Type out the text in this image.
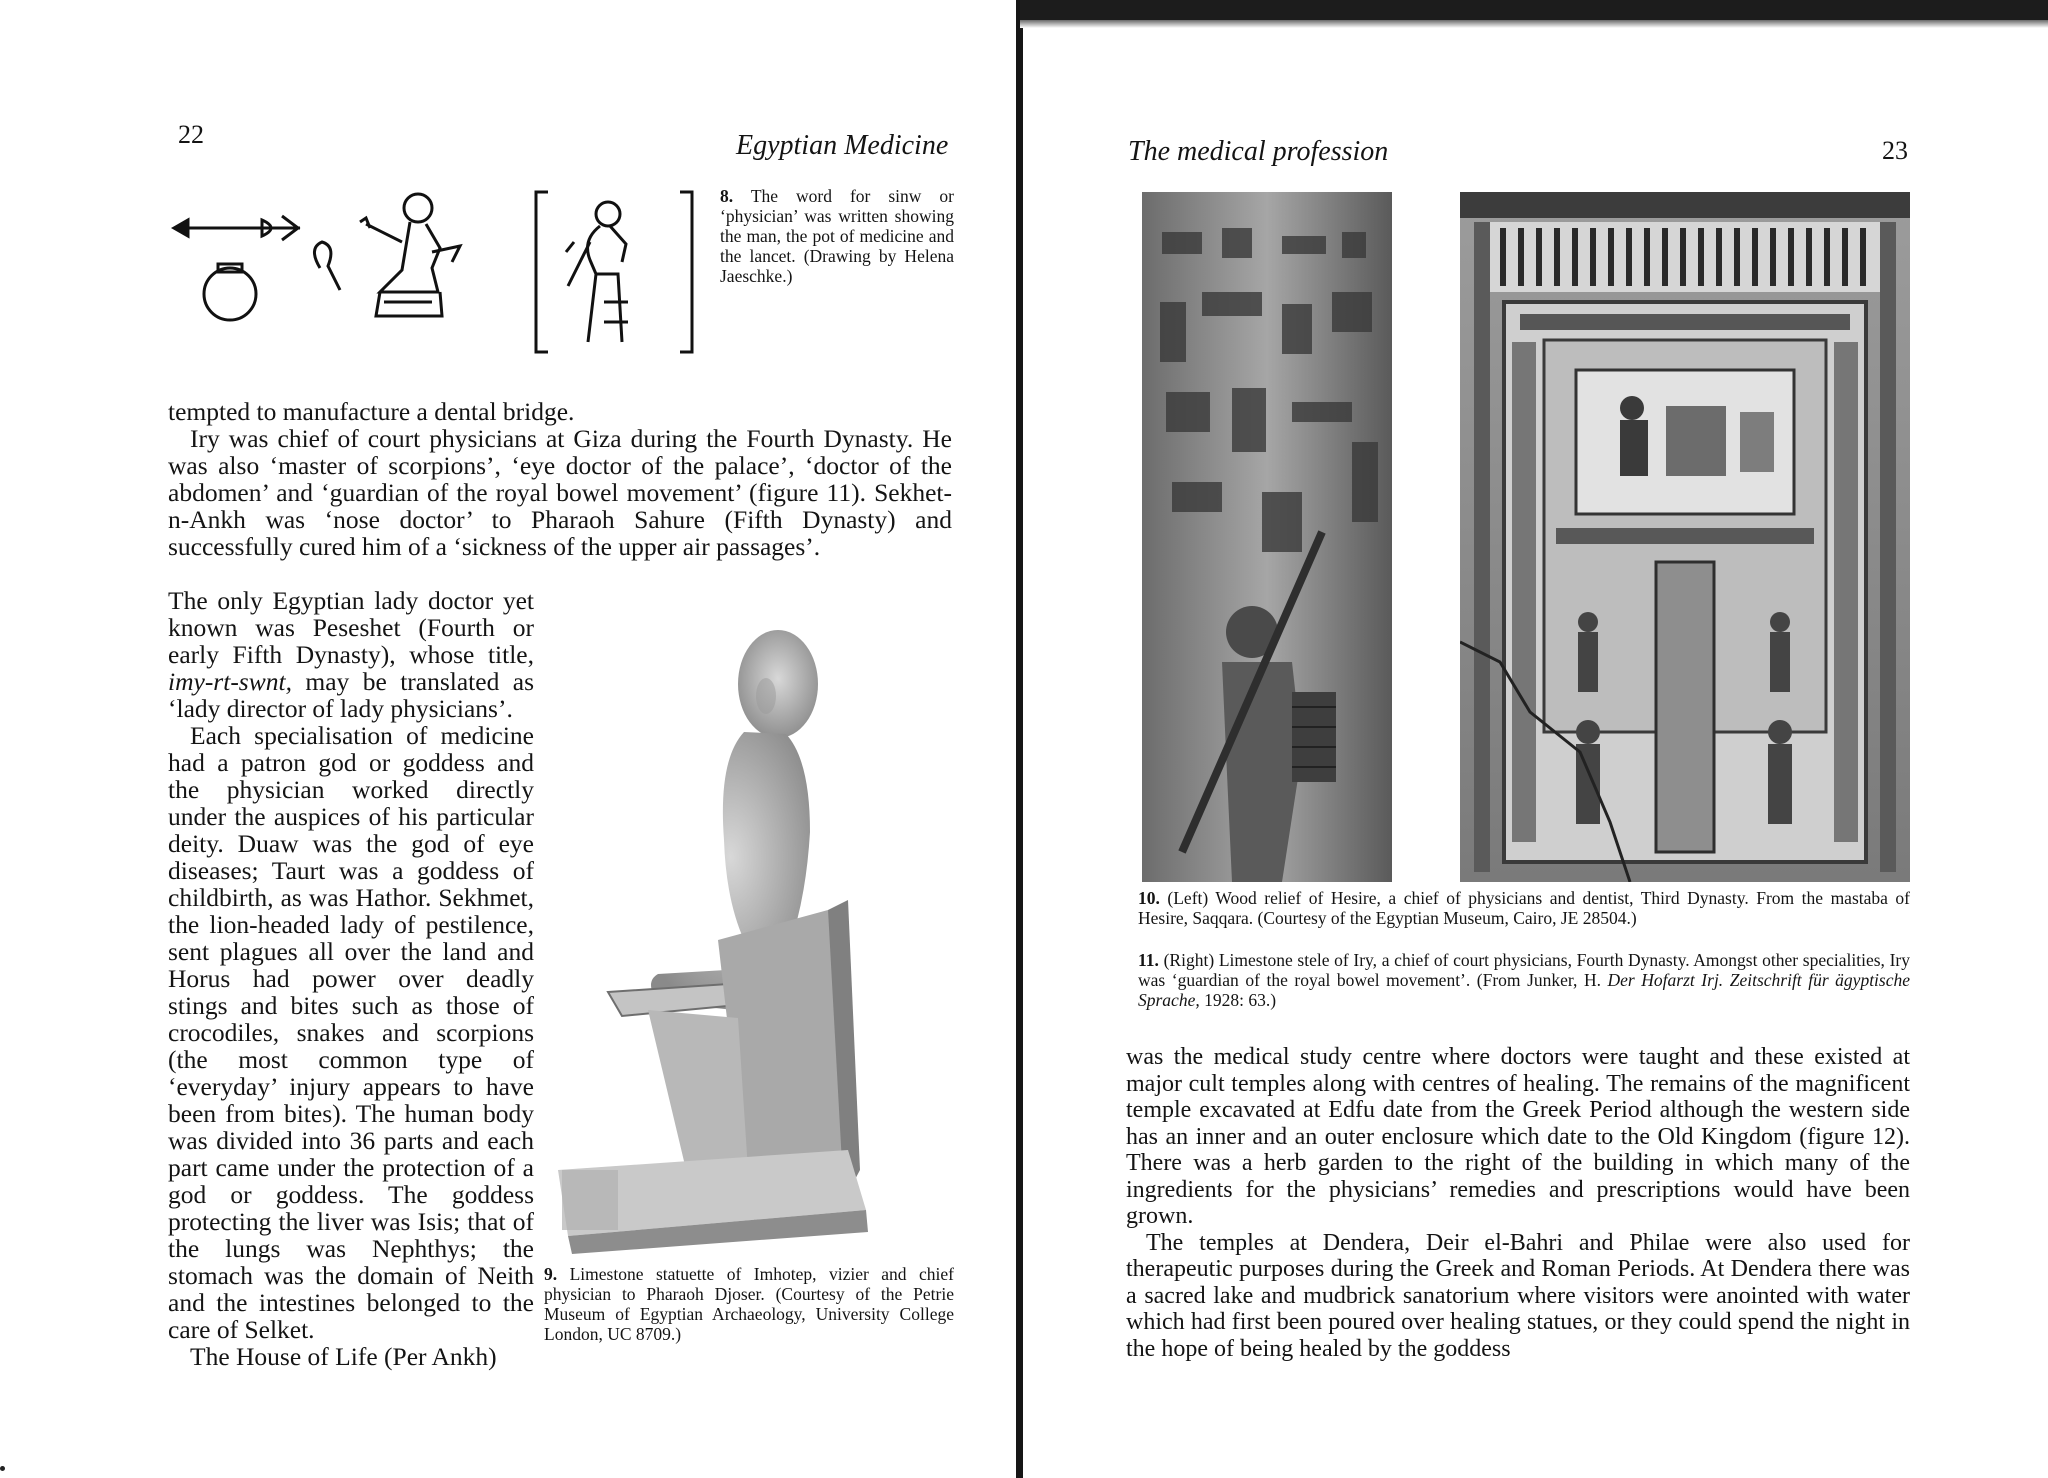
22	Egyptian Medicine
8. The word for sinw or ‘physician’ was written showing the man, the pot of medicine and the lancet. (Drawing by Helena Jaeschke.)

tempted to manufacture a dental bridge.

Iry was chief of court physicians at Giza during the Fourth Dynasty. He was also ‘master of scorpions’, ‘eye doctor of the palace’, ‘doctor of the abdomen’ and ‘guardian of the royal bowel movement’ (figure 11). Sekhet-n-Ankh was ‘nose doctor’ to Pharaoh Sahure (Fifth Dynasty) and successfully cured him of a ‘sickness of the upper air passages’.

The only Egyptian lady doctor yet known was Peseshet (Fourth or early Fifth Dynasty), whose title, imy-rt-swnt, may be translated as ‘lady director of lady physicians’.

Each specialisation of medicine had a patron god or goddess and the physician worked directly under the auspices of his particular deity. Duaw was the god of eye diseases; Taurt was a goddess of childbirth, as was Hathor. Sekhmet, the lion-headed lady of pestilence, sent plagues all over the land and Horus had power over deadly stings and bites such as those of crocodiles, snakes and scorpions (the most common type of ‘everyday’ injury appears to have been from bites). The human body was divided into 36 parts and each part came under the protection of a god or goddess. The goddess protecting the liver was Isis; that of the lungs was Nephthys; the stomach was the domain of Neith and the intestines belonged to the care of Selket.

The House of Life (Per Ankh)

9. Limestone statuette of Imhotep, vizier and chief physician to Pharaoh Djoser. (Courtesy of the Petrie Museum of Egyptian Archaeology, University College London, UC 8709.)
The medical profession	23
10. (Left) Wood relief of Hesire, a chief of physicians and dentist, Third Dynasty. From the mastaba of Hesire, Saqqara. (Courtesy of the Egyptian Museum, Cairo, JE 28504.)
11. (Right) Limestone stele of Iry, a chief of court physicians, Fourth Dynasty. Amongst other specialities, Iry was ‘guardian of the royal bowel movement’. (From Junker, H. Der Hofarzt Irj. Zeitschrift für ägyptische Sprache, 1928: 63.)

was the medical study centre where doctors were taught and these existed at major cult temples along with centres of healing. The remains of the magnificent temple excavated at Edfu date from the Greek Period although the western side has an inner and an outer enclosure which date to the Old Kingdom (figure 12). There was a herb garden to the right of the building in which many of the ingredients for the physicians’ remedies and prescriptions would have been grown.

The temples at Dendera, Deir el-Bahri and Philae were also used for therapeutic purposes during the Greek and Roman Periods. At Dendera there was a sacred lake and mudbrick sanatorium where visitors were anointed with water which had first been poured over healing statues, or they could spend the night in the hope of being healed by the goddess
